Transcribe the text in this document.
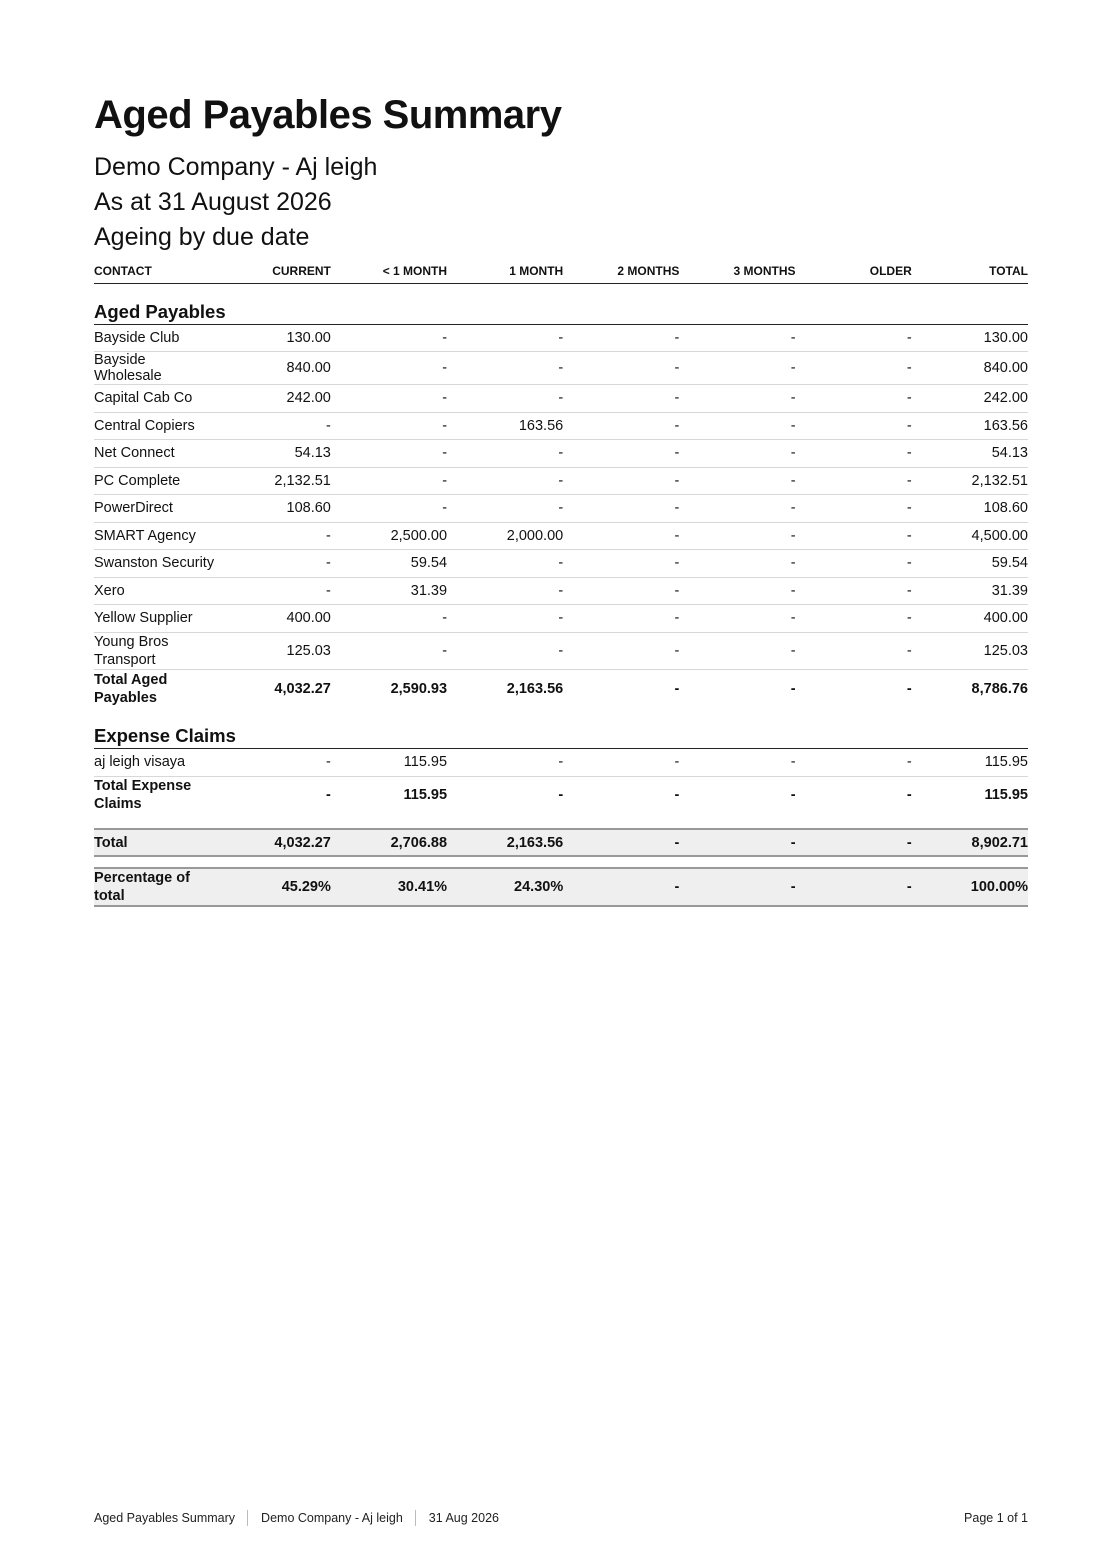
Aged Payables Summary
Demo Company - Aj leigh
As at 31 August 2026
Ageing by due date
CONTACT	CURRENT	< 1 MONTH	1 MONTH	2 MONTHS	3 MONTHS	OLDER	TOTAL
Aged Payables							
Bayside Club	130.00	-	-	-	-	-	130.00
Bayside Wholesale	840.00	-	-	-	-	-	840.00
Capital Cab Co	242.00	-	-	-	-	-	242.00
Central Copiers	-	-	163.56	-	-	-	163.56
Net Connect	54.13	-	-	-	-	-	54.13
PC Complete	2,132.51	-	-	-	-	-	2,132.51
PowerDirect	108.60	-	-	-	-	-	108.60
SMART Agency	-	2,500.00	2,000.00	-	-	-	4,500.00
Swanston Security	-	59.54	-	-	-	-	59.54
Xero	-	31.39	-	-	-	-	31.39
Yellow Supplier	400.00	-	-	-	-	-	400.00
Young Bros Transport	125.03	-	-	-	-	-	125.03
Total Aged Payables	4,032.27	2,590.93	2,163.56	-	-	-	8,786.76
Expense Claims							
aj leigh visaya	-	115.95	-	-	-	-	115.95
Total Expense Claims	-	115.95	-	-	-	-	115.95

Total	4,032.27	2,706.88	2,163.56	-	-	-	8,902.71

Percentage of total	45.29%	30.41%	24.30%	-	-	-	100.00%
Aged Payables Summary	Demo Company - Aj leigh	31 Aug 2026	Page 1 of 1
